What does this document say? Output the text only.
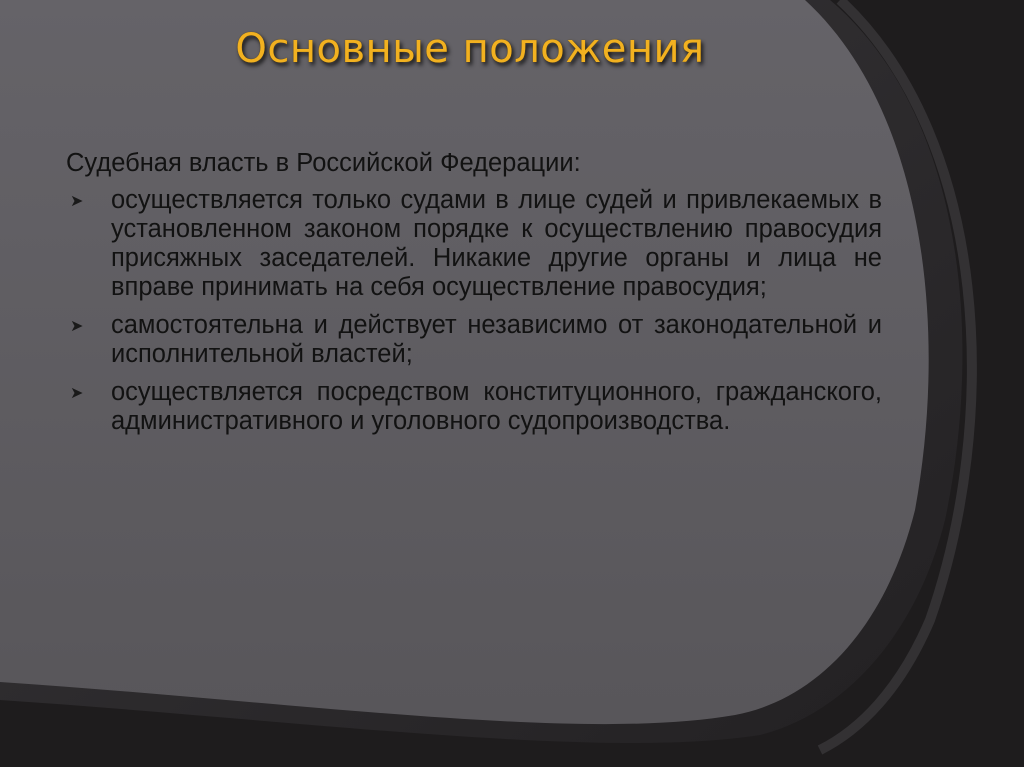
Основные положения

Судебная власть в Российской Федерации:

➤ осуществляется только судами в лице судей и привлекаемых в установленном законом порядке к осуществлению правосудия присяжных заседателей. Никакие другие органы и лица не вправе принимать на себя осуществление правосудия;
➤ самостоятельна и действует независимо от законодательной и исполнительной властей;
➤ осуществляется посредством конституционного, гражданского, административного и уголовного судопроизводства.
